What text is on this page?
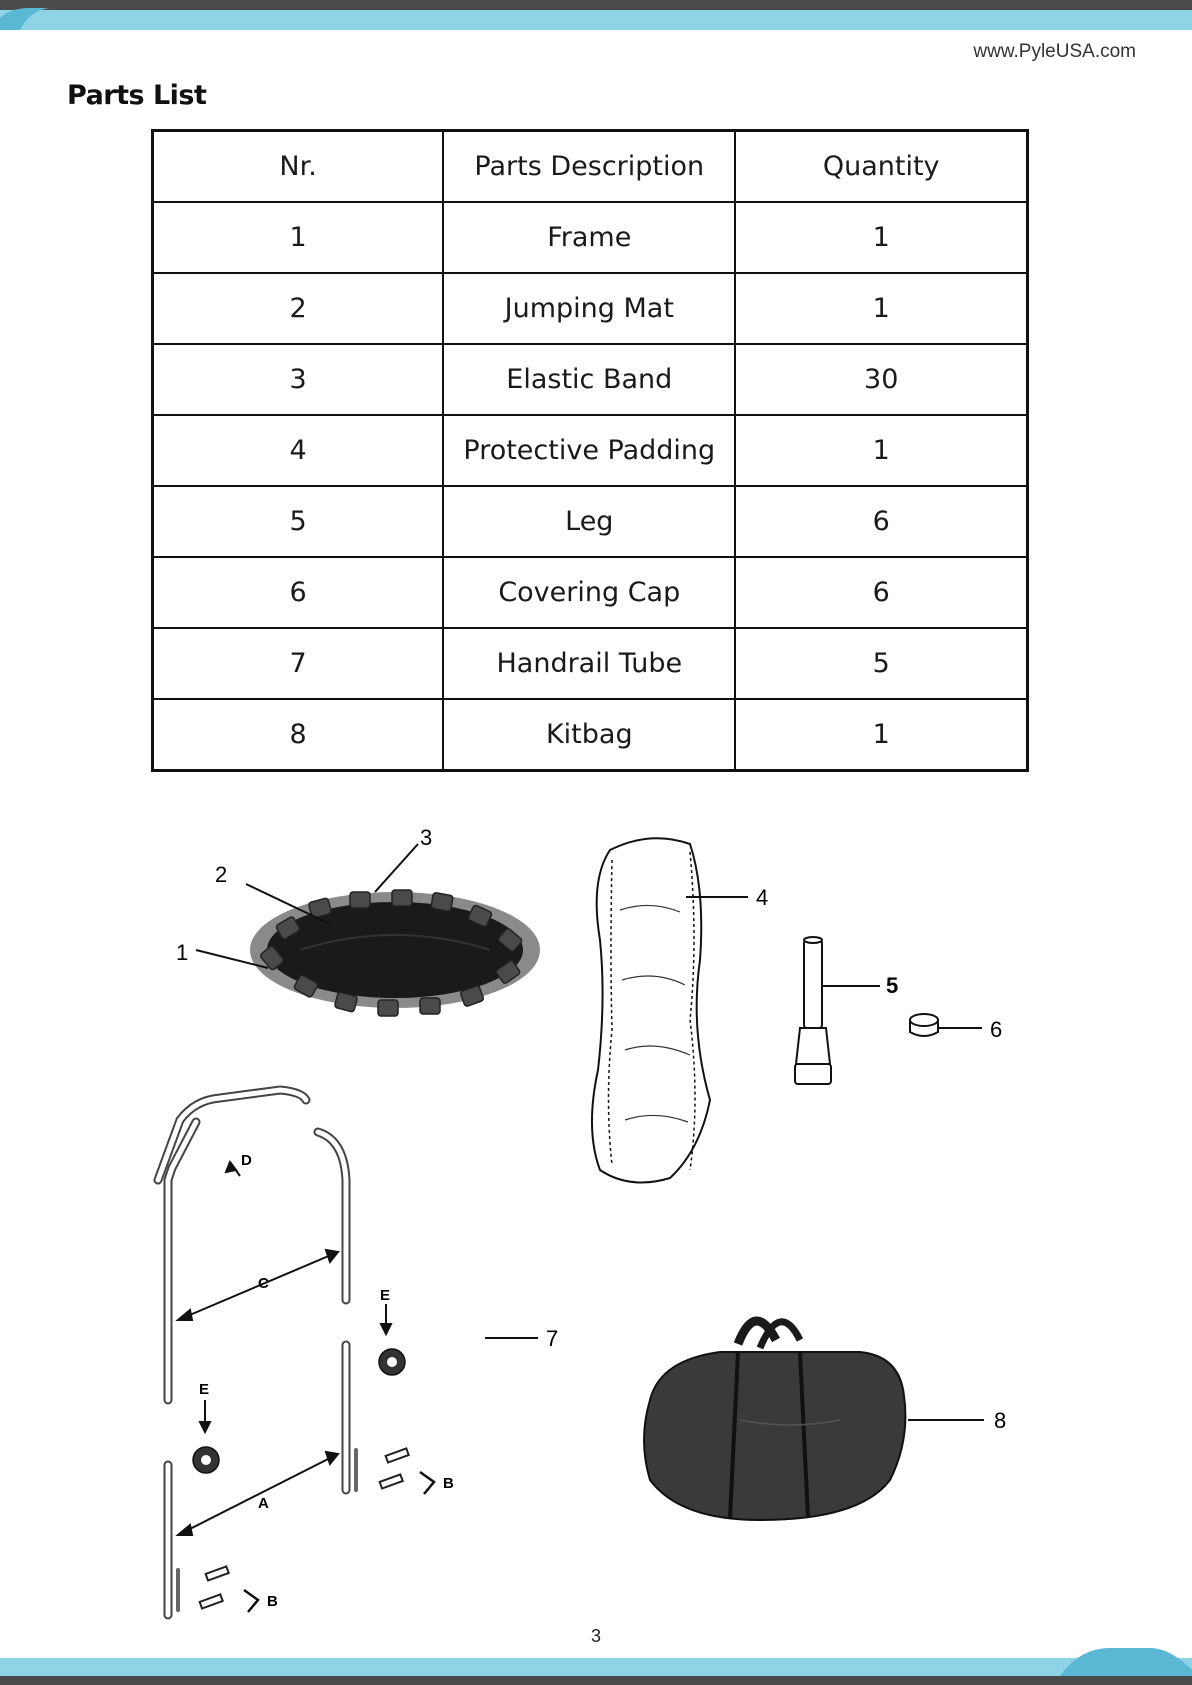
www.PyleUSA.com
Parts List
Nr.	Parts Description	Quantity
1	Frame	1
2	Jumping Mat	1
3	Elastic Band	30
4	Protective Padding	1
5	Leg	6
6	Covering Cap	6
7	Handrail Tube	5
8	Kitbag	1
1
2
3
4
5
6
C
A
D
E
E
B
B
7
8
3
